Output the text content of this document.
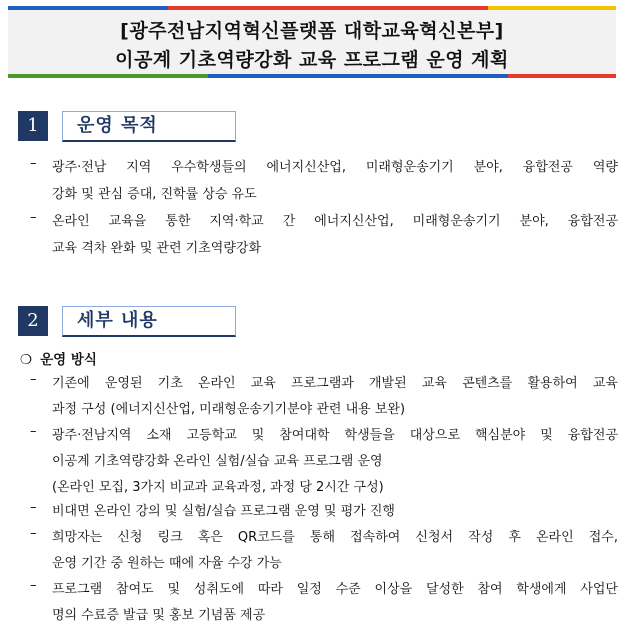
[광주전남지역혁신플랫폼 대학교육혁신본부]
이공계 기초역량강화 교육 프로그램 운영 계획
1	운영 목적
–	광주·전남 지역 우수학생들의 에너지신산업, 미래형운송기기 분야, 융합전공 역량
강화 및 관심 증대, 진학률 상승 유도
–	온라인 교육을 통한 지역·학교 간 에너지신산업, 미래형운송기기 분야, 융합전공
교육 격차 완화 및 관련 기초역량강화
2	세부 내용
❍ 운영 방식
–	기존에 운영된 기초 온라인 교육 프로그램과 개발된 교육 콘텐츠를 활용하여 교육
과정 구성 (에너지신산업, 미래형운송기기분야 관련 내용 보완)
–	광주·전남지역 소재 고등학교 및 참여대학 학생들을 대상으로 핵심분야 및 융합전공
이공계 기초역량강화 온라인 실험/실습 교육 프로그램 운영
(온라인 모집, 3가지 비교과 교육과정, 과정 당 2시간 구성)
–	비대면 온라인 강의 및 실험/실습 프로그램 운영 및 평가 진행
–	희망자는 신청 링크 혹은 QR코드를 통해 접속하여 신청서 작성 후 온라인 접수,
운영 기간 중 원하는 때에 자율 수강 가능
–	프로그램 참여도 및 성취도에 따라 일정 수준 이상을 달성한 참여 학생에게 사업단
명의 수료증 발급 및 홍보 기념품 제공
